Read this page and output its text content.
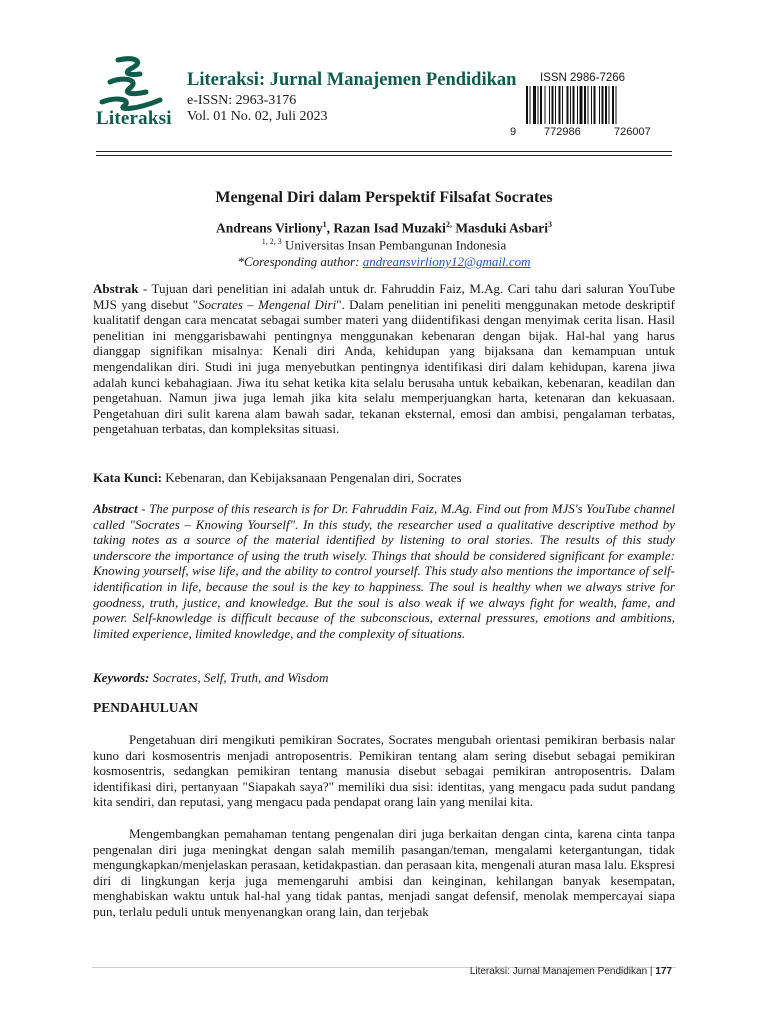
Literaksi
Literaksi: Jurnal Manajemen Pendidikan
e-ISSN: 2963-3176
Vol. 01 No. 02, Juli 2023
ISSN 2986-7266
9	772986	726007
Mengenal Diri dalam Perspektif Filsafat Socrates
Andreans Virliony$^1$, Razan Isad Muzaki$^{2,}$ Masduki Asbari$^3$
$^{1, 2, 3}$ Universitas Insan Pembangunan Indonesia
*Coresponding author: andreansvirliony12@gmail.com
Abstrak - Tujuan dari penelitian ini adalah untuk dr. Fahruddin Faiz, M.Ag. Cari tahu dari saluran YouTube MJS yang disebut "Socrates – Mengenal Diri". Dalam penelitian ini peneliti menggunakan metode deskriptif kualitatif dengan cara mencatat sebagai sumber materi yang diidentifikasi dengan menyimak cerita lisan. Hasil penelitian ini menggarisbawahi pentingnya menggunakan kebenaran dengan bijak. Hal-hal yang harus dianggap signifikan misalnya: Kenali diri Anda, kehidupan yang bijaksana dan kemampuan untuk mengendalikan diri. Studi ini juga menyebutkan pentingnya identifikasi diri dalam kehidupan, karena jiwa adalah kunci kebahagiaan. Jiwa itu sehat ketika kita selalu berusaha untuk kebaikan, kebenaran, keadilan dan pengetahuan. Namun jiwa juga lemah jika kita selalu memperjuangkan harta, ketenaran dan kekuasaan. Pengetahuan diri sulit karena alam bawah sadar, tekanan eksternal, emosi dan ambisi, pengalaman terbatas, pengetahuan terbatas, dan kompleksitas situasi.
Kata Kunci: Kebenaran, dan Kebijaksanaan Pengenalan diri, Socrates
Abstract - The purpose of this research is for Dr. Fahruddin Faiz, M.Ag. Find out from MJS's YouTube channel called "Socrates – Knowing Yourself". In this study, the researcher used a qualitative descriptive method by taking notes as a source of the material identified by listening to oral stories. The results of this study underscore the importance of using the truth wisely. Things that should be considered significant for example: Knowing yourself, wise life, and the ability to control yourself. This study also mentions the importance of self-identification in life, because the soul is the key to happiness. The soul is healthy when we always strive for goodness, truth, justice, and knowledge. But the soul is also weak if we always fight for wealth, fame, and power. Self-knowledge is difficult because of the subconscious, external pressures, emotions and ambitions, limited experience, limited knowledge, and the complexity of situations.
Keywords: Socrates, Self, Truth, and Wisdom
PENDAHULUAN
Pengetahuan diri mengikuti pemikiran Socrates, Socrates mengubah orientasi pemikiran berbasis nalar kuno dari kosmosentris menjadi antroposentris. Pemikiran tentang alam sering disebut sebagai pemikiran kosmosentris, sedangkan pemikiran tentang manusia disebut sebagai pemikiran antroposentris. Dalam identifikasi diri, pertanyaan "Siapakah saya?" memiliki dua sisi: identitas, yang mengacu pada sudut pandang kita sendiri, dan reputasi, yang mengacu pada pendapat orang lain yang menilai kita.
Mengembangkan pemahaman tentang pengenalan diri juga berkaitan dengan cinta, karena cinta tanpa pengenalan diri juga meningkat dengan salah memilih pasangan/teman, mengalami ketergantungan, tidak mengungkapkan/menjelaskan perasaan, ketidakpastian. dan perasaan kita, mengenali aturan masa lalu. Ekspresi diri di lingkungan kerja juga memengaruhi ambisi dan keinginan, kehilangan banyak kesempatan, menghabiskan waktu untuk hal-hal yang tidak pantas, menjadi sangat defensif, menolak mempercayai siapa pun, terlalu peduli untuk menyenangkan orang lain, dan terjebak
Literaksi: Jurnal Manajemen Pendidikan | 177
